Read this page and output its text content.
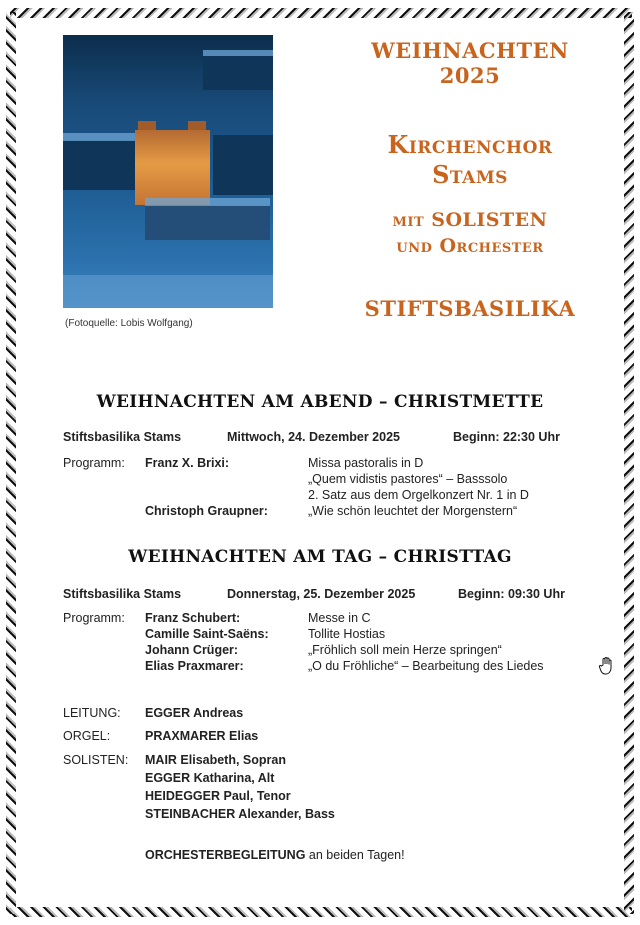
(Fotoquelle: Lobis Wolfgang)
WEIHNACHTEN
2025
Kirchenchor
Stams
mit SOLISTEN
und Orchester
STIFTSBASILIKA
WEIHNACHTEN AM ABEND – CHRISTMETTE
Stiftsbasilika Stams	Mittwoch, 24. Dezember 2025	Beginn: 22:30 Uhr
Programm: Franz X. Brixi:	Missa pastoralis in D
„Quem vidistis pastores“ – Basssolo
2. Satz aus dem Orgelkonzert Nr. 1 in D
Christoph Graupner:	„Wie schön leuchtet der Morgenstern“
WEIHNACHTEN AM TAG – CHRISTTAG
Stiftsbasilika Stams	Donnerstag, 25. Dezember 2025	Beginn: 09:30 Uhr
Programm: Franz Schubert:	Messe in C
Camille Saint-Saëns:	Tollite Hostias
Johann Crüger:	„Fröhlich soll mein Herze springen“
Elias Praxmarer:	„O du Fröhliche“ – Bearbeitung des Liedes
LEITUNG: EGGER Andreas
ORGEL:	PRAXMARER Elias
SOLISTEN: MAIR Elisabeth, Sopran
EGGER Katharina, Alt
HEIDEGGER Paul, Tenor
STEINBACHER Alexander, Bass
ORCHESTERBEGLEITUNG an beiden Tagen!
